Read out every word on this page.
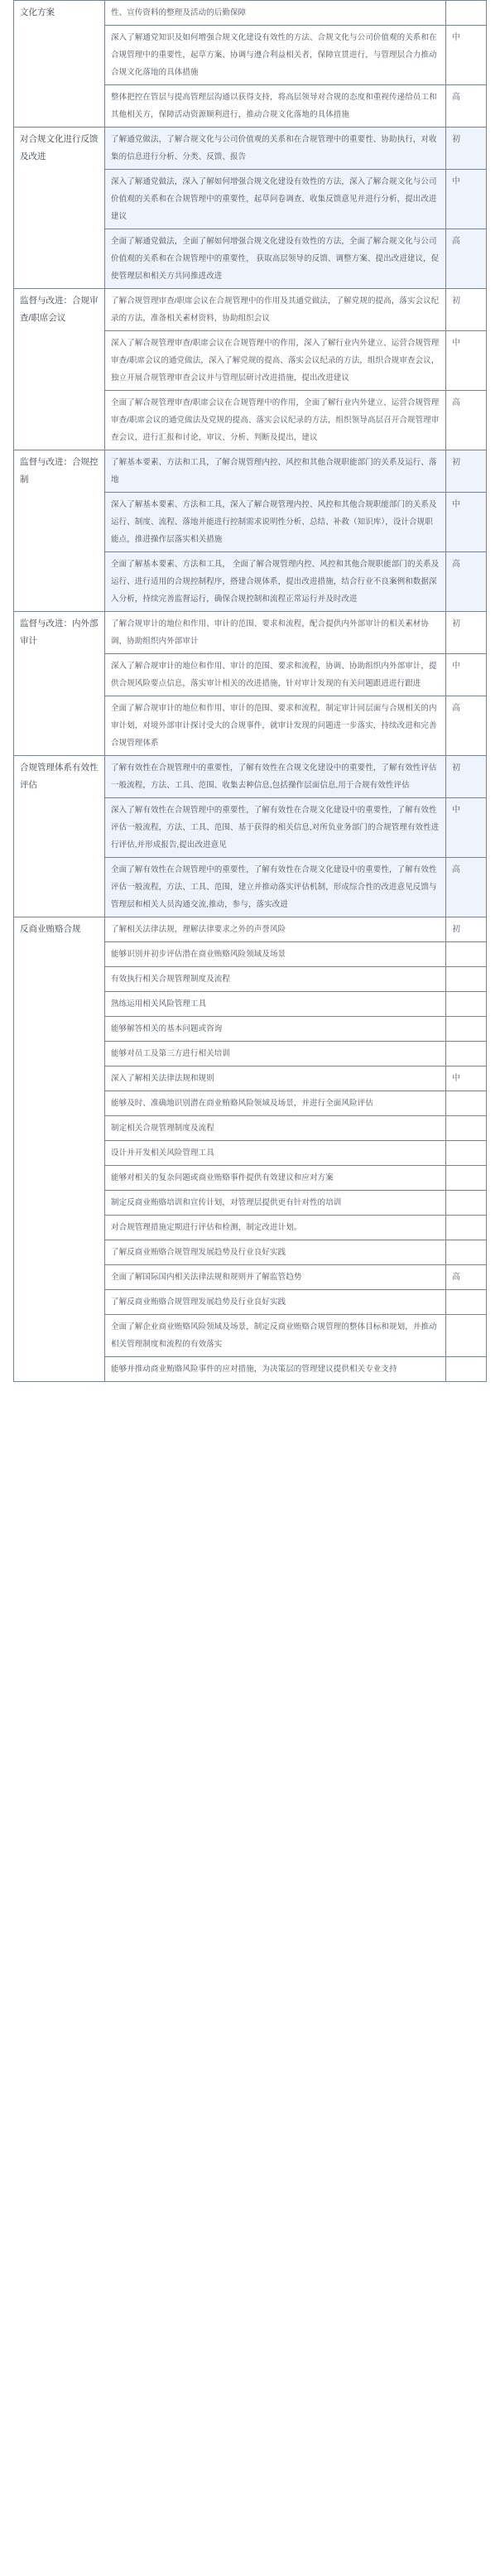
文化方案	性、宣传资料的整理及活动的后勤保障	
	深入了解通党知识及如何增强合规文化建设有效性的方法、合规文化与公司价值观的关系和在合规管理中的重要性，起草方案、协调与遵合利益相关者，保障宣贯进行，与管理层合力推动合规文化落地的具体措施	中
	整体把控在管层与提高管理层沟通以获得支持，将高层领导对合规的态度和重视传递给员工和其他相关方，保障活动资源顺利进行，推动合规文化落地的具体措施	高
对合规文化进行反馈及改进	了解通党做法，了解合规文化与公司价值观的关系和在合规管理中的重要性、协助执行，对收集的信息进行分析、分类、反馈、报告	初
	深入了解通党做法，深入了解如何增强合规文化建设有效性的方法，深入了解合规文化与公司价值观的关系和在合规管理中的重要性，起草问卷调查、收集反馈意见并进行分析，提出改进建议	中
	全面了解通党做法，全面了解如何增强合规文化建设有效性的方法，全面了解合规文化与公司价值观的关系和在合规管理中的重要性， 获取高层领导的反馈、调整方案、提出改进建议，促使管理层和相关方共同推进改进	高
监督与改进：合规审查/职席会议	了解合规管理审查/职席会议在合规管理中的作用及其通党做法，了解党规的提高，落实会议纪录的方法，准备相关素材资料，协助组织会议	初
	深入了解合规管理审查/职席会议在合规管理中的作用，深入了解行业内外建立、运营合规管理审查/职席会议的通党做法，深入了解党规的提高、落实会议纪录的方法，组织合规审查会议，独立开展合规管理审查会议并与管理层研讨改进措施，提出改进建议	中
	全面了解合规管理审查/职席会议在合规管理中的作用，全面了解行业内外建立、运营合规管理审查/职席会议的通党做法及党规的提高、落实会议纪录的方法，组织领导高层召开合规管理审查会议，进行汇报和讨论，审议、分析、判断及提出，建议	高
监督与改进：合规控制	了解基本要素、方法和工具，了解合规管理内控、风控和其他合规职能部门的关系及运行、落地	初
	深入了解基本要素、方法和工具，深入了解合规管理内控、风控和其他合规职能部门的关系及运行、制度、流程、落地并能进行控制需求说明性分析、总结、补救（知识库），设计合规职能点，推进操作层落实相关措施	中
	全面了解基本要素、方法和工具， 全面了解合规管理内控、风控和其他合规职能部门的关系及运行、进行适用的合规控制程序，搭建合规体系，提出改进措施，结合行业不良案例和数据深入分析，持续完善监督运行，确保合规控制和流程正常运行并及时改进	高
监督与改进：内外部审计	了解合规审计的地位和作用、审计的范围、要求和流程，配合提供内外部审计的相关素材协调，协助组织内外部审计	初
	深入了解合规审计的地位和作用、审计的范围、要求和流程，协调、协助组织内外部审计，提供合规风险要点信息，落实审计相关的改进措施，针对审计发现的有关问题跟进进行跟进	中
	全面了解合规审计的地位和作用、审计的范围、要求和流程，制定审计同层面与合规相关的内审计划，对境外部审计探讨受大的合规事件，就审计发现的问题进一步落实，持续改进和完善合规管理体系	高
合规管理体系有效性评估	了解有效性在合规管理中的重要性，了解有效性在合规文化建设中的重要性，了解有效性评估一般流程，方法、工具、范围、收集去种信息,包括操作层面信息,用于合规有效性评估	初
	深入了解有效性在合规管理中的重要性，了解有效性在合规文化建设中的重要性，了解有效性评估一般流程，方法、工具、范围、基于获得的相关信息,对所负业务部门的合规管理有效性进行评估,并形成报告,提出改进意见	中
	全面了解有效性在合规管理中的重要性，了解有效性在合规文化建设中的重要性，了解有效性评估一般流程，方法、工具、范围，建立并推动落实评估机制，形成综合性的改进意见反馈与管理层和相关人员沟通交流,推动，参与，落实改进	高
反商业贿赂合规	了解相关法律法规，理解法律要求之外的声誉风险	初
	能够识别并初步评估潜在商业贿赂风险领域及场景	
	有效执行相关合规管理制度及流程	
	熟练运用相关风险管理工具	
	能够解答相关的基本问题或咨询	
	能够对员工及第三方进行相关培训	
	深入了解相关法律法规和规则	中
	能够及时、准确地识别潜在商业贿赂风险领域及场景，并进行全面风险评估	
	制定相关合规管理制度及流程	
	设计并开发相关风险管理工具	
	能够对相关的复杂问题或商业贿赂事件提供有效建议和应对方案	
	制定反商业贿赂培训和宣传计划，对管理层提供更有针对性的培训	
	对合规管理措施定期进行评估和检测，制定改进计划。	
	了解反商业贿赂合规管理发展趋势及行业良好实践	
	全面了解国际国内相关法律法规和规则并了解监管趋势	高
	了解反商业贿赂合规管理发展趋势及行业良好实践	
	全面了解企业商业贿赂风险领域及场景，制定反商业贿赂合规管理的整体目标和规划，并推动相关管理制度和流程的有效落实	
	能够并推动商业贿赂风险事件的应对措施，为决策层的管理建议提供相关专业支持	
